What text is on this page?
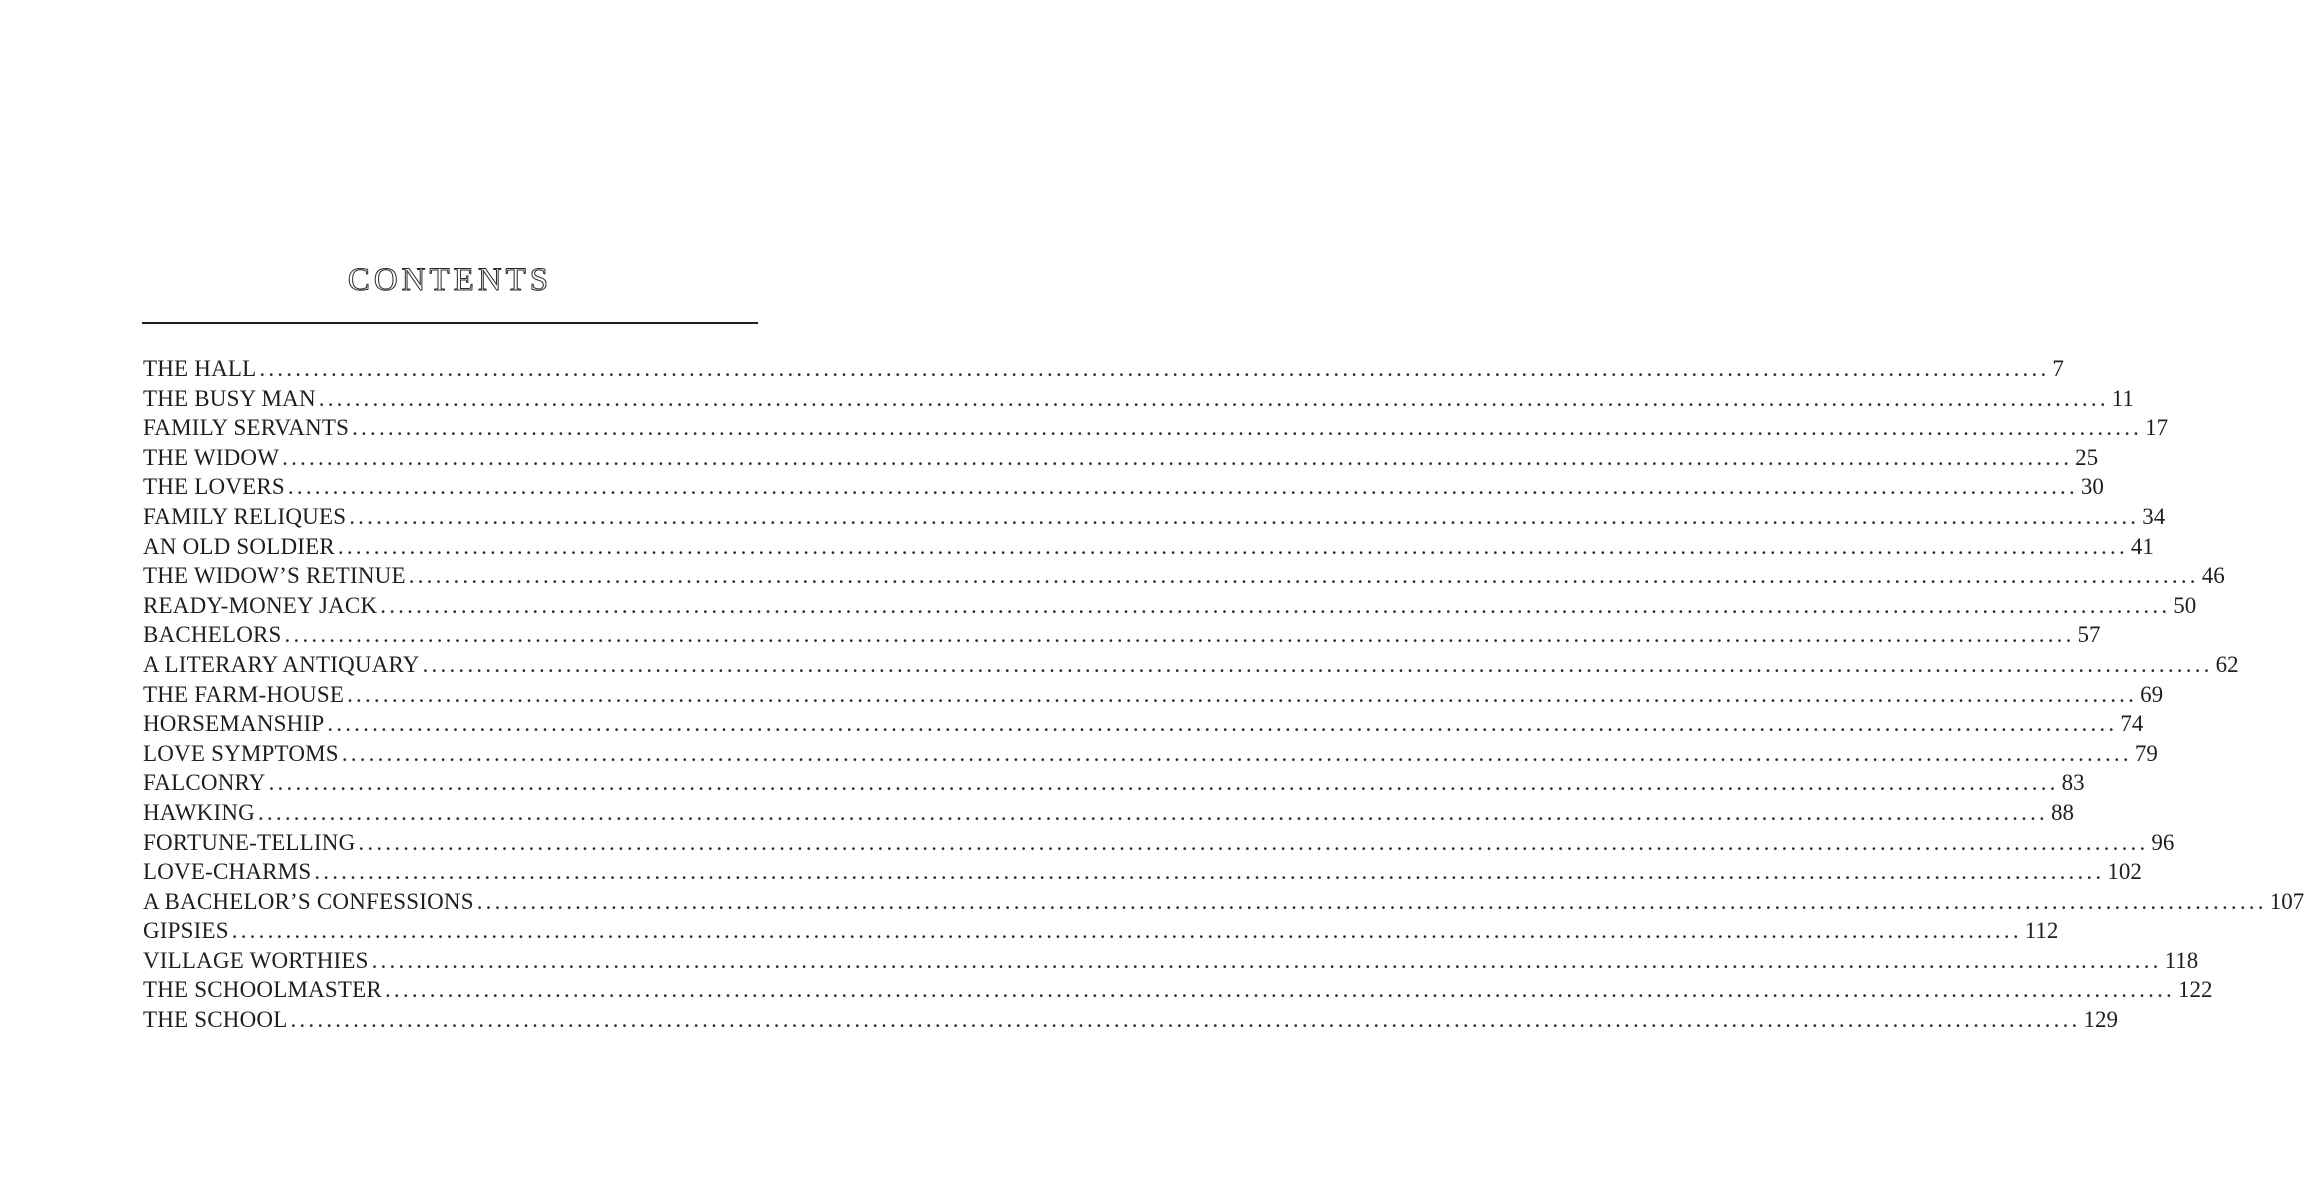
CONTENTS
THE HALL ........................................................................................................................................................................................................ 7
THE BUSY MAN ........................................................................................................................................................................................................ 11
FAMILY SERVANTS ........................................................................................................................................................................................................ 17
THE WIDOW ........................................................................................................................................................................................................ 25
THE LOVERS ........................................................................................................................................................................................................ 30
FAMILY RELIQUES ........................................................................................................................................................................................................ 34
AN OLD SOLDIER ........................................................................................................................................................................................................ 41
THE WIDOW’S RETINUE ........................................................................................................................................................................................................ 46
READY-MONEY JACK ........................................................................................................................................................................................................ 50
BACHELORS ........................................................................................................................................................................................................ 57
A LITERARY ANTIQUARY ........................................................................................................................................................................................................ 62
THE FARM-HOUSE ........................................................................................................................................................................................................ 69
HORSEMANSHIP ........................................................................................................................................................................................................ 74
LOVE SYMPTOMS ........................................................................................................................................................................................................ 79
FALCONRY ........................................................................................................................................................................................................ 83
HAWKING ........................................................................................................................................................................................................ 88
FORTUNE-TELLING ........................................................................................................................................................................................................ 96
LOVE-CHARMS ........................................................................................................................................................................................................ 102
A BACHELOR’S CONFESSIONS ........................................................................................................................................................................................................ 107
GIPSIES ........................................................................................................................................................................................................ 112
VILLAGE WORTHIES ........................................................................................................................................................................................................ 118
THE SCHOOLMASTER ........................................................................................................................................................................................................ 122
THE SCHOOL ........................................................................................................................................................................................................ 129
